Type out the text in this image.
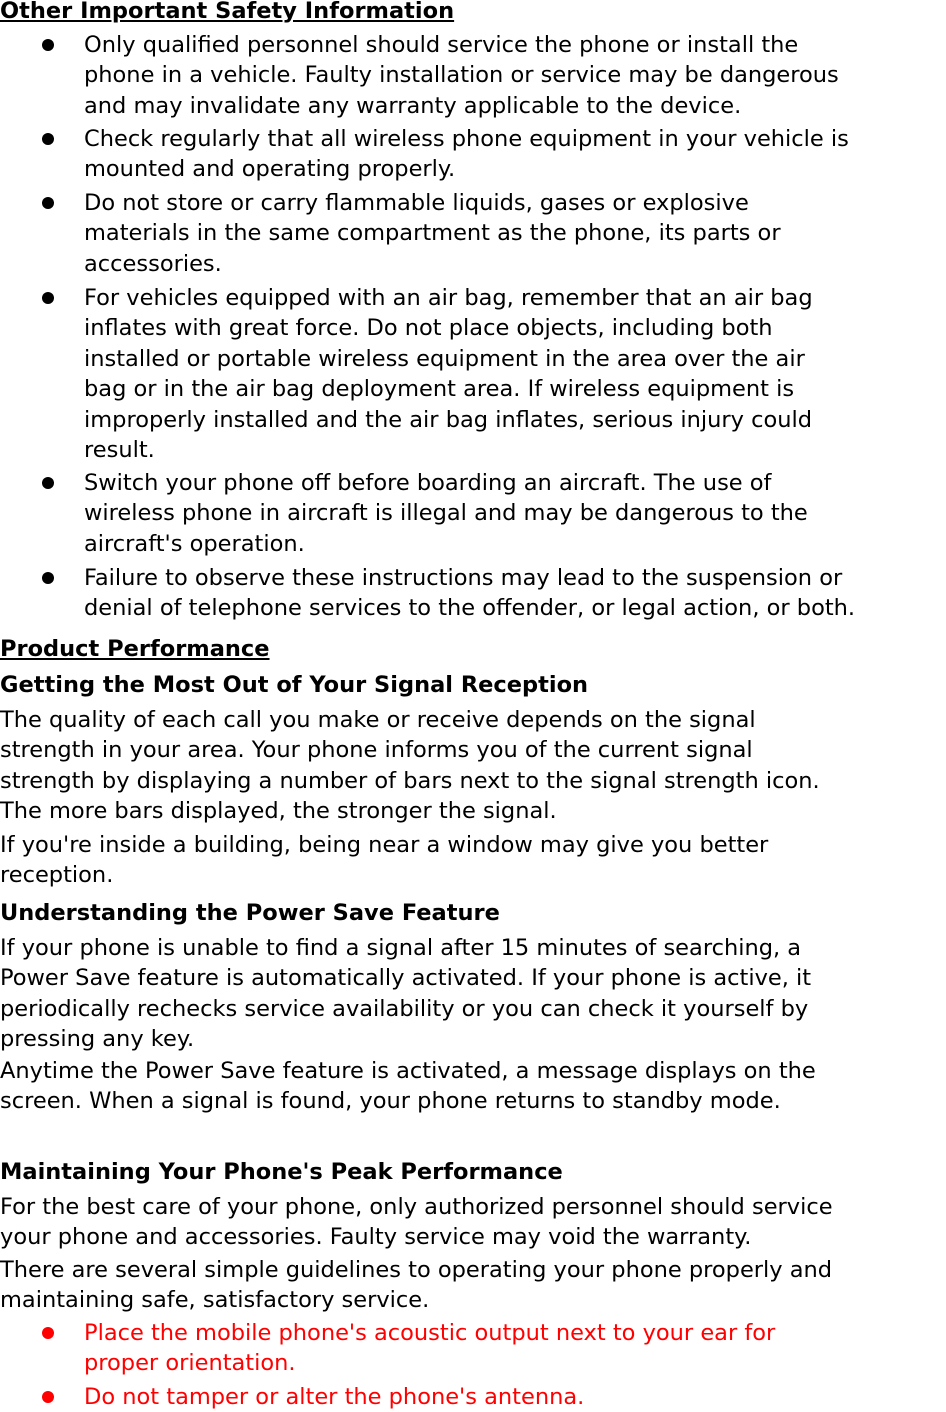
Other Important Safety Information
Only qualified personnel should service the phone or install the
phone in a vehicle. Faulty installation or service may be dangerous
and may invalidate any warranty applicable to the device.
Check regularly that all wireless phone equipment in your vehicle is
mounted and operating properly.
Do not store or carry flammable liquids, gases or explosive
materials in the same compartment as the phone, its parts or
accessories.
For vehicles equipped with an air bag, remember that an air bag
inflates with great force. Do not place objects, including both
installed or portable wireless equipment in the area over the air
bag or in the air bag deployment area. If wireless equipment is
improperly installed and the air bag inflates, serious injury could
result.
Switch your phone off before boarding an aircraft. The use of
wireless phone in aircraft is illegal and may be dangerous to the
aircraft's operation.
Failure to observe these instructions may lead to the suspension or
denial of telephone services to the offender, or legal action, or both.
Product Performance
Getting the Most Out of Your Signal Reception
The quality of each call you make or receive depends on the signal
strength in your area. Your phone informs you of the current signal
strength by displaying a number of bars next to the signal strength icon.
The more bars displayed, the stronger the signal.
If you're inside a building, being near a window may give you better
reception.
Understanding the Power Save Feature
If your phone is unable to find a signal after 15 minutes of searching, a
Power Save feature is automatically activated. If your phone is active, it
periodically rechecks service availability or you can check it yourself by
pressing any key.
Anytime the Power Save feature is activated, a message displays on the
screen. When a signal is found, your phone returns to standby mode.
Maintaining Your Phone's Peak Performance
For the best care of your phone, only authorized personnel should service
your phone and accessories. Faulty service may void the warranty.
There are several simple guidelines to operating your phone properly and
maintaining safe, satisfactory service.
Place the mobile phone's acoustic output next to your ear for
proper orientation.
Do not tamper or alter the phone's antenna.
